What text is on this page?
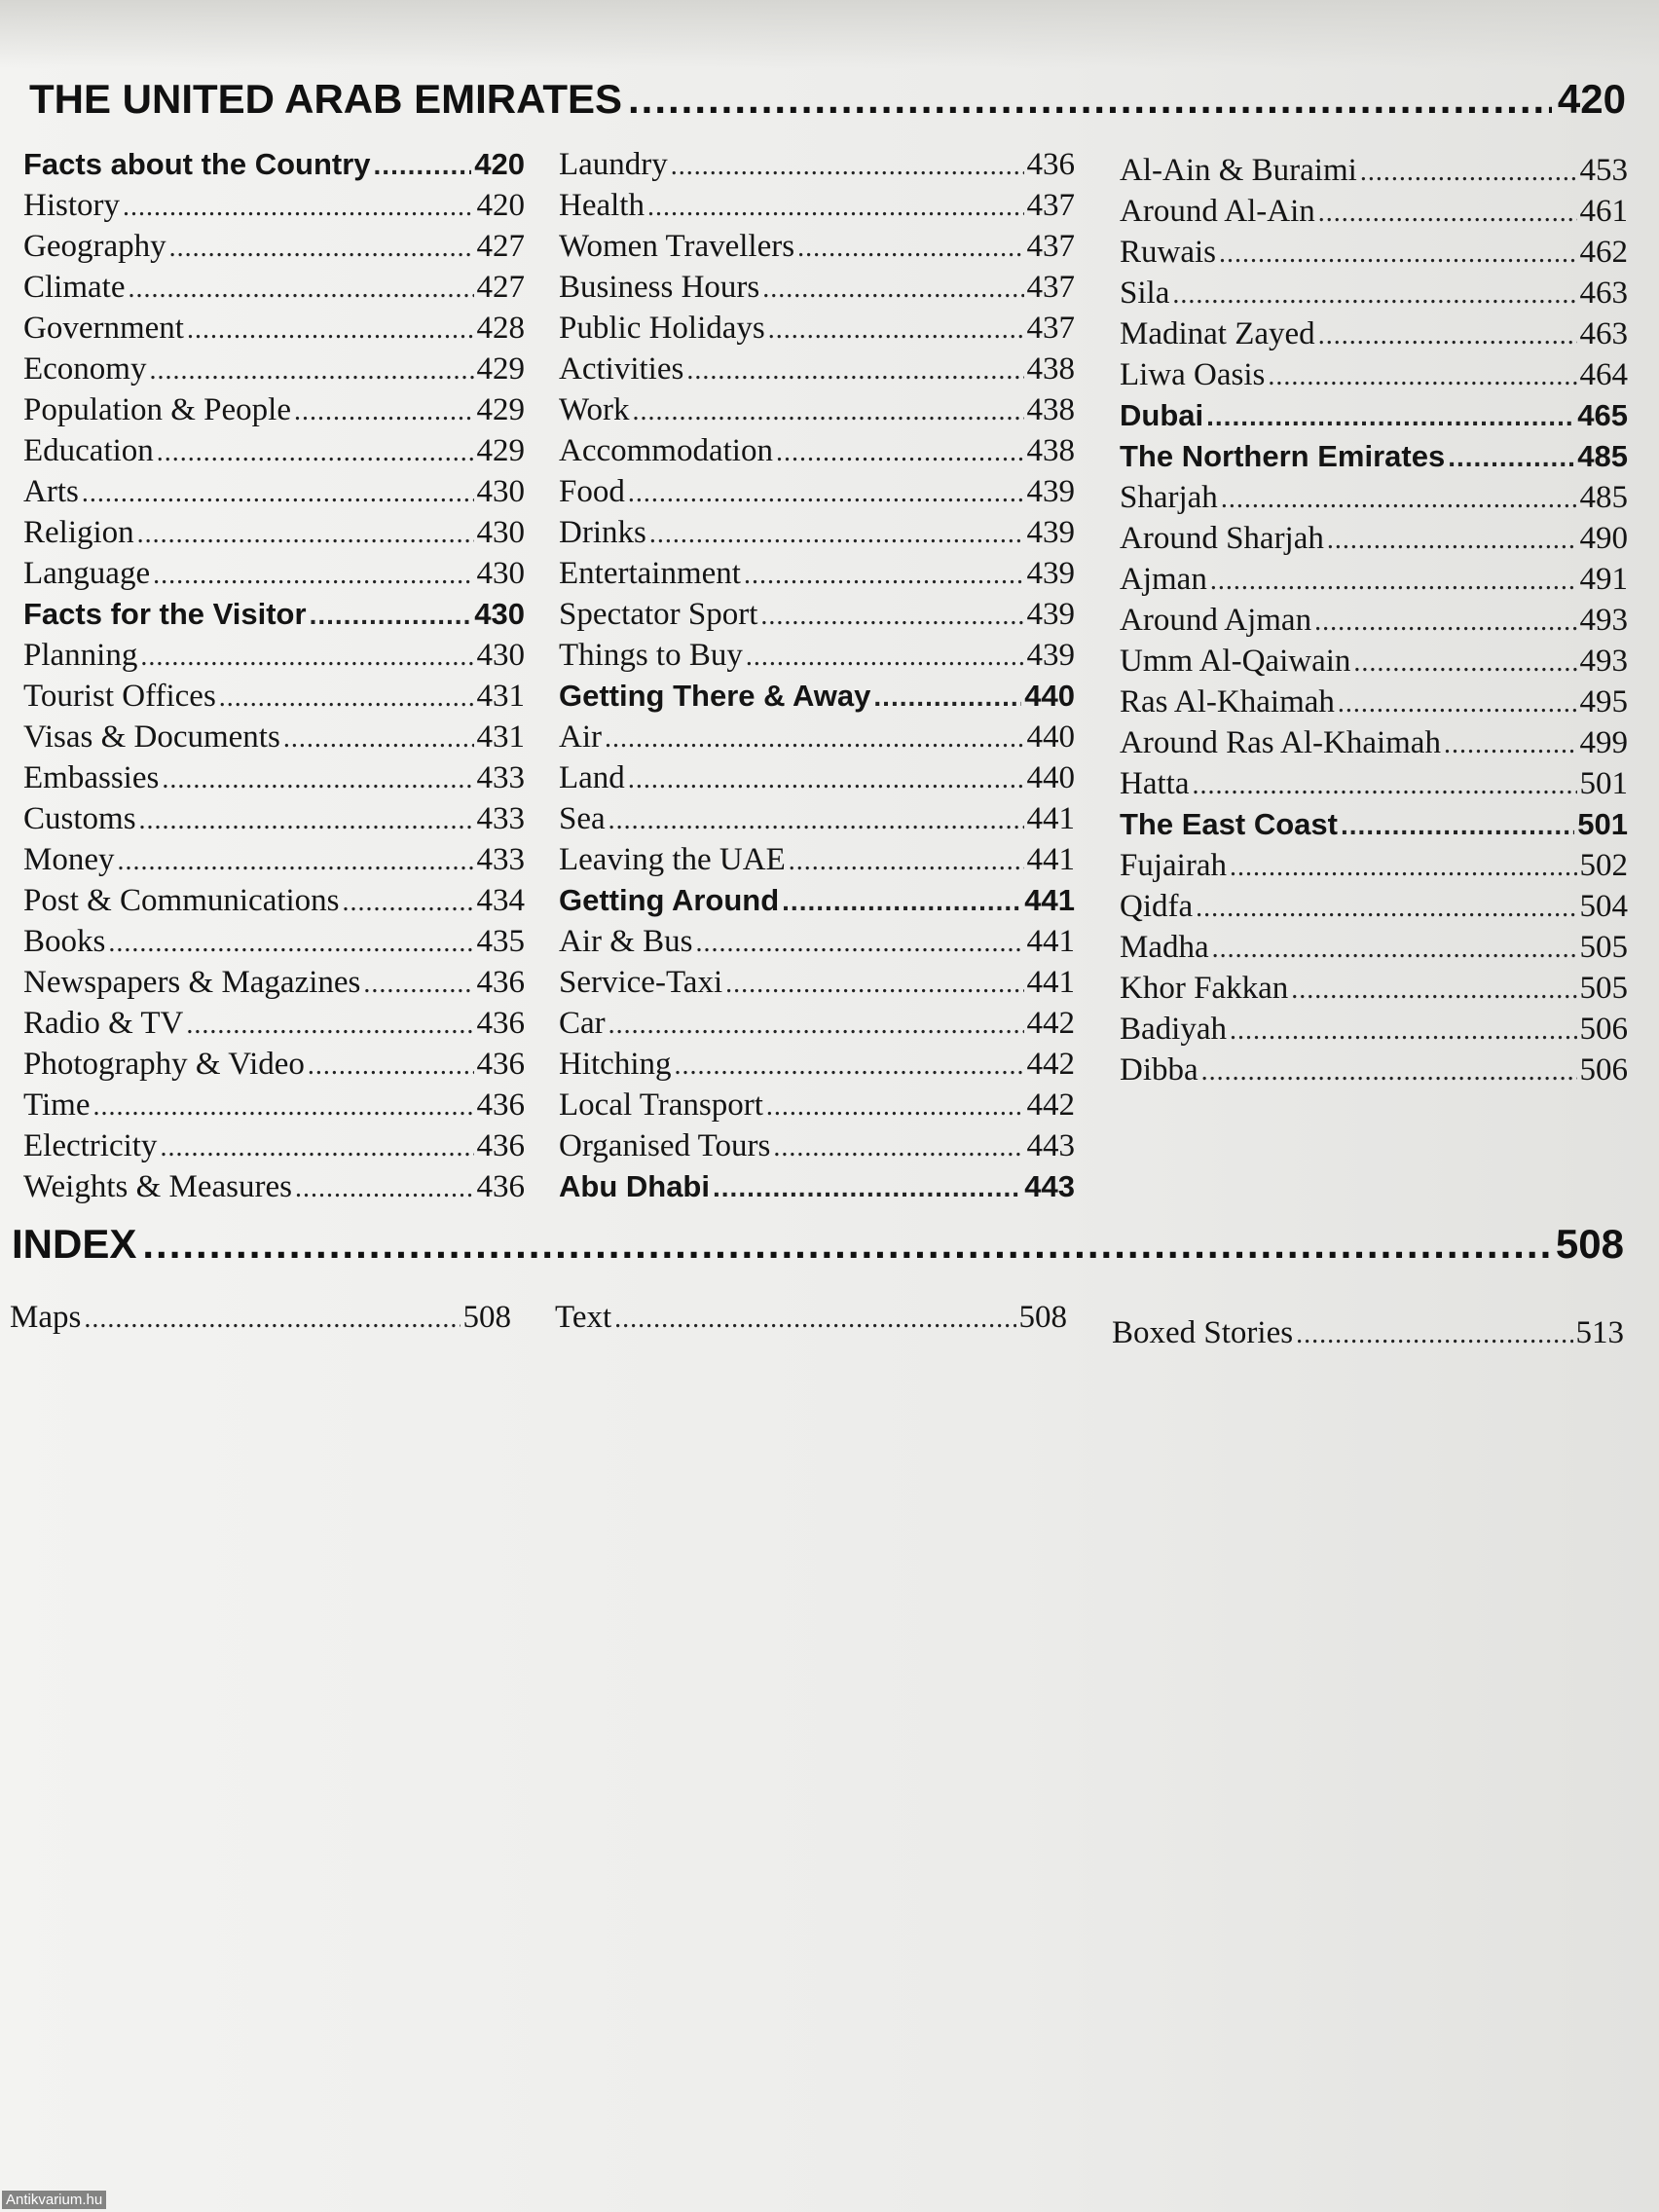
THE UNITED ARAB EMIRATES .....	420
Facts about the Country .....	420
History .....	420
Geography .....	427
Climate .....	427
Government .....	428
Economy .....	429
Population & People .....	429
Education .....	429
Arts .....	430
Religion .....	430
Language .....	430
Facts for the Visitor .....	430
Planning .....	430
Tourist Offices .....	431
Visas & Documents .....	431
Embassies .....	433
Customs .....	433
Money .....	433
Post & Communications .....	434
Books .....	435
Newspapers & Magazines .....	436
Radio & TV .....	436
Photography & Video .....	436
Time .....	436
Electricity .....	436
Weights & Measures .....	436
Laundry .....	436
Health .....	437
Women Travellers .....	437
Business Hours .....	437
Public Holidays .....	437
Activities .....	438
Work .....	438
Accommodation .....	438
Food .....	439
Drinks .....	439
Entertainment .....	439
Spectator Sport .....	439
Things to Buy .....	439
Getting There & Away .....	440
Air .....	440
Land .....	440
Sea .....	441
Leaving the UAE .....	441
Getting Around .....	441
Air & Bus .....	441
Service-Taxi .....	441
Car .....	442
Hitching .....	442
Local Transport .....	442
Organised Tours .....	443
Abu Dhabi .....	443
Al-Ain & Buraimi .....	453
Around Al-Ain .....	461
Ruwais .....	462
Sila .....	463
Madinat Zayed .....	463
Liwa Oasis .....	464
Dubai .....	465
The Northern Emirates .....	485
Sharjah .....	485
Around Sharjah .....	490
Ajman .....	491
Around Ajman .....	493
Umm Al-Qaiwain .....	493
Ras Al-Khaimah .....	495
Around Ras Al-Khaimah .....	499
Hatta .....	501
The East Coast .....	501
Fujairah .....	502
Qidfa .....	504
Madha .....	505
Khor Fakkan .....	505
Badiyah .....	506
Dibba .....	506
INDEX .....	508
Maps .....	508 Text .....	508 Boxed Stories .....	513
Antikvarium.hu
